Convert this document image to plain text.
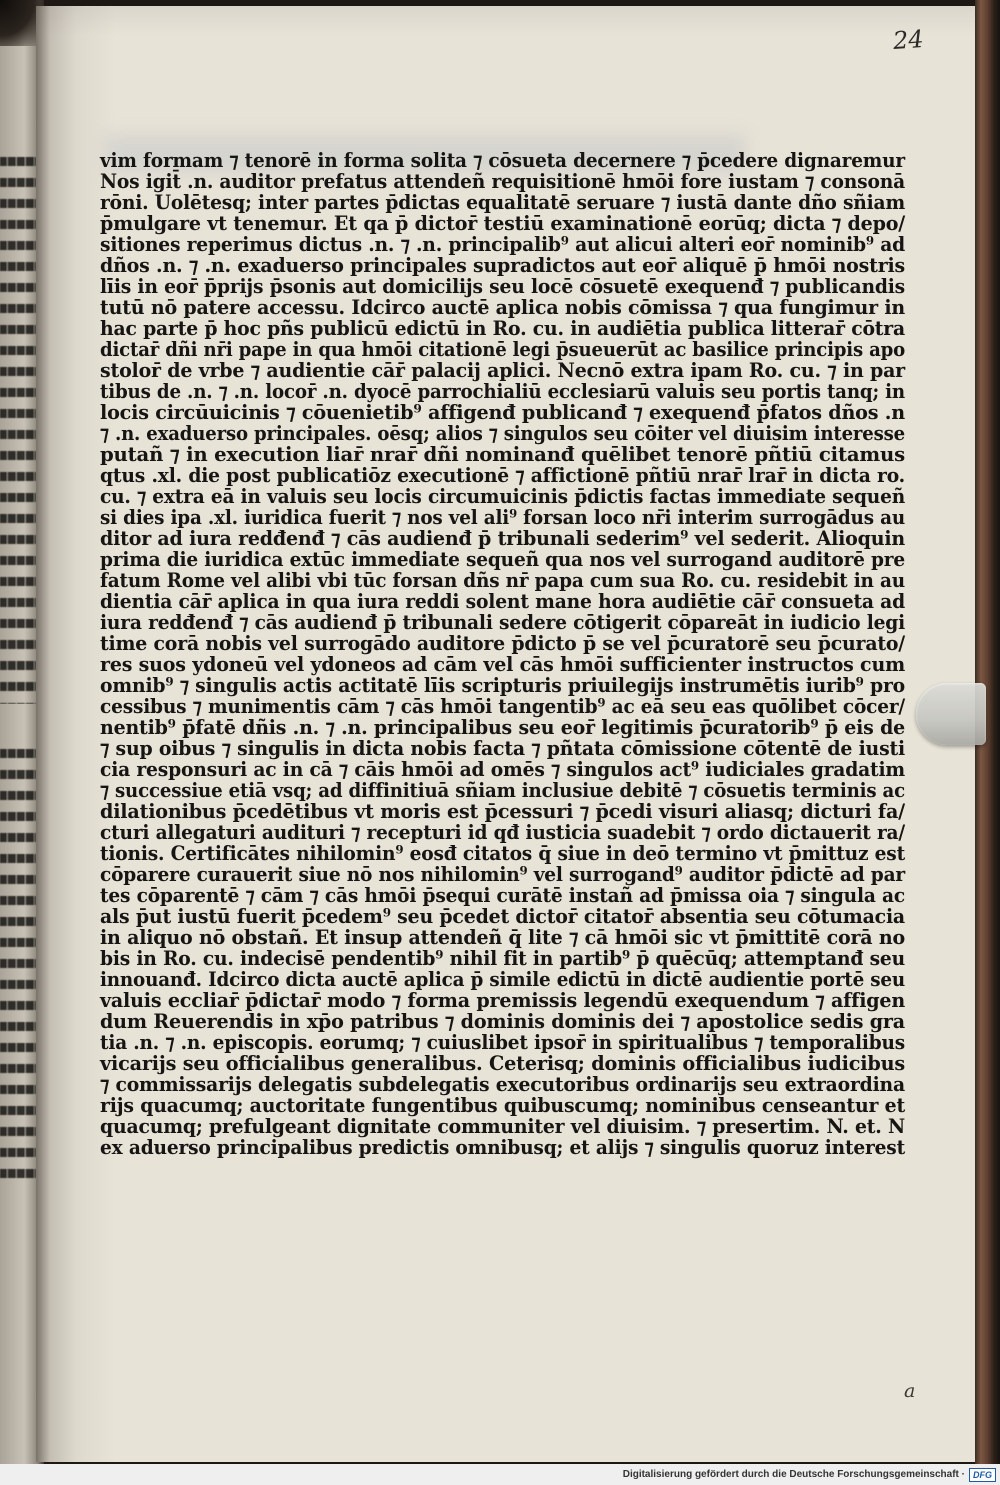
24
vim formam ⁊ tenorē in forma solita ⁊ cōsueta decernere ⁊ p̄cedere dignaremur
Nos igit̄ .n. auditor prefatus attendeñ requisitionē hmōi fore iustam ⁊ consonā
rōni. Uolētesq; inter partes p̄dictas equalitatē seruare ⁊ iustā dante dño sñiam
p̄mulgare vt tenemur. Et qa p̄ dictor̄ testiū examinationē eorūq; dicta ⁊ depo/
sitiones reperimus dictus .n. ⁊ .n. principalib⁹ aut alicui alteri eor̄ nominib⁹ ad
dños .n. ⁊ .n. exaduerso principales supradictos aut eor̄ aliquē p̄ hmōi nostris
līis in eor̄ p̄prijs p̄sonis aut domicilijs seu locē cōsuetē exequenđ ⁊ publicandis
tutū nō patere accessu. Idcirco auctē aplica nobis cōmissa ⁊ qua fungimur in
hac parte p̄ hoc pñs publicū edictū in Ro. cu. in audiētia publica litterar̄ cōtra
dictar̄ dñi nr̄i pape in qua hmōi citationē legi p̄sueuerūt ac basilice principis apo
stolor̄ de vrbe ⁊ audientie cār̄ palacij aplici. Necnō extra ipam Ro. cu. ⁊ in par
tibus de .n. ⁊ .n. locor̄ .n. dyocē parrochialiū ecclesiarū valuis seu portis tanq; in
locis circūuicinis ⁊ cōuenietib⁹ affigenđ publicanđ ⁊ exequenđ p̄fatos dños .n
⁊ .n. exaduerso principales. oēsq; alios ⁊ singulos seu cōiter vel diuisim interesse
putañ ⁊ in execution liar̄ nrar̄ dñi nominanđ quēlibet tenorē pñtiū citamus
qtus .xl. die post publicatiōz executionē ⁊ affictionē pñtiū nrar̄ lrar̄ in dicta ro.
cu. ⁊ extra eā in valuis seu locis circumuicinis p̄dictis factas immediate sequeñ
si dies ipa .xl. iuridica fuerit ⁊ nos vel ali⁹ forsan loco nr̄i interim surrogādus au
ditor ad iura redđenđ ⁊ cās audienđ p̄ tribunali sederim⁹ vel sederit. Alioquin
prima die iuridica extūc immediate sequeñ qua nos vel surrogand auditorē pre
fatum Rome vel alibi vbi tūc forsan dñs nr̄ papa cum sua Ro. cu. residebit in au
dientia cār̄ aplica in qua iura reddi solent mane hora audiētie cār̄ consueta ad
iura redđenđ ⁊ cās audienđ p̄ tribunali sedere cōtigerit cōpareāt in iudicio legi
time corā nobis vel surrogādo auditore p̄dicto p̄ se vel p̄curatorē seu p̄curato/
res suos ydoneū vel ydoneos ad cām vel cās hmōi sufficienter instructos cum
omnib⁹ ⁊ singulis actis actitatē līis scripturis priuilegijs instrumētis iurib⁹ pro
cessibus ⁊ munimentis cām ⁊ cās hmōi tangentib⁹ ac eā seu eas quōlibet cōcer/
nentib⁹ p̄fatē dñis .n. ⁊ .n. principalibus seu eor̄ legitimis p̄curatorib⁹ p̄ eis de
⁊ sup oibus ⁊ singulis in dicta nobis facta ⁊ pñtata cōmissione cōtentē de iusti
cia responsuri ac in cā ⁊ cāis hmōi ad omēs ⁊ singulos act⁹ iudiciales gradatim
⁊ successiue etiā vsq; ad diffinitiuā sñiam inclusiue debitē ⁊ cōsuetis terminis ac
dilationibus p̄cedētibus vt moris est p̄cessuri ⁊ p̄cedi visuri aliasq; dicturi fa/
cturi allegaturi audituri ⁊ recepturi id qđ iusticia suadebit ⁊ ordo dictauerit ra/
tionis. Certificātes nihilomin⁹ eosđ citatos q̄ siue in deō termino vt p̄mittuz est
cōparere curauerit siue nō nos nihilomin⁹ vel surrogand⁹ auditor p̄dictē ad par
tes cōparentē ⁊ cām ⁊ cās hmōi p̄sequi curātē instañ ad p̄missa oia ⁊ singula ac
als p̄ut iustū fuerit p̄cedem⁹ seu p̄cedet dictor̄ citator̄ absentia seu cōtumacia
in aliquo nō obstañ. Et insup attendeñ q̄ lite ⁊ cā hmōi sic vt p̄mittitē corā no
bis in Ro. cu. indecisē pendentib⁹ nihil fit in partib⁹ p̄ quēcūq; attemptanđ seu
innouanđ. Idcirco dicta auctē aplica p̄ simile edictū in dictē audientie portē seu
valuis eccliar̄ p̄dictar̄ modo ⁊ forma premissis legendū exequendum ⁊ affigen
dum Reuerendis in xp̄o patribus ⁊ dominis dominis dei ⁊ apostolice sedis gra
tia .n. ⁊ .n. episcopis. eorumq; ⁊ cuiuslibet ipsor̄ in spiritualibus ⁊ temporalibus
vicarijs seu officialibus generalibus. Ceterisq; dominis officialibus iudicibus
⁊ commissarijs delegatis subdelegatis executoribus ordinarijs seu extraordina
rijs quacumq; auctoritate fungentibus quibuscumq; nominibus censeantur et
quacumq; prefulgeant dignitate communiter vel diuisim. ⁊ presertim. N. et. N
ex aduerso principalibus predictis omnibusq; et alijs ⁊ singulis quoruz interest
a
Digitalisierung gefördert durch die Deutsche Forschungsgemeinschaft · DFG
